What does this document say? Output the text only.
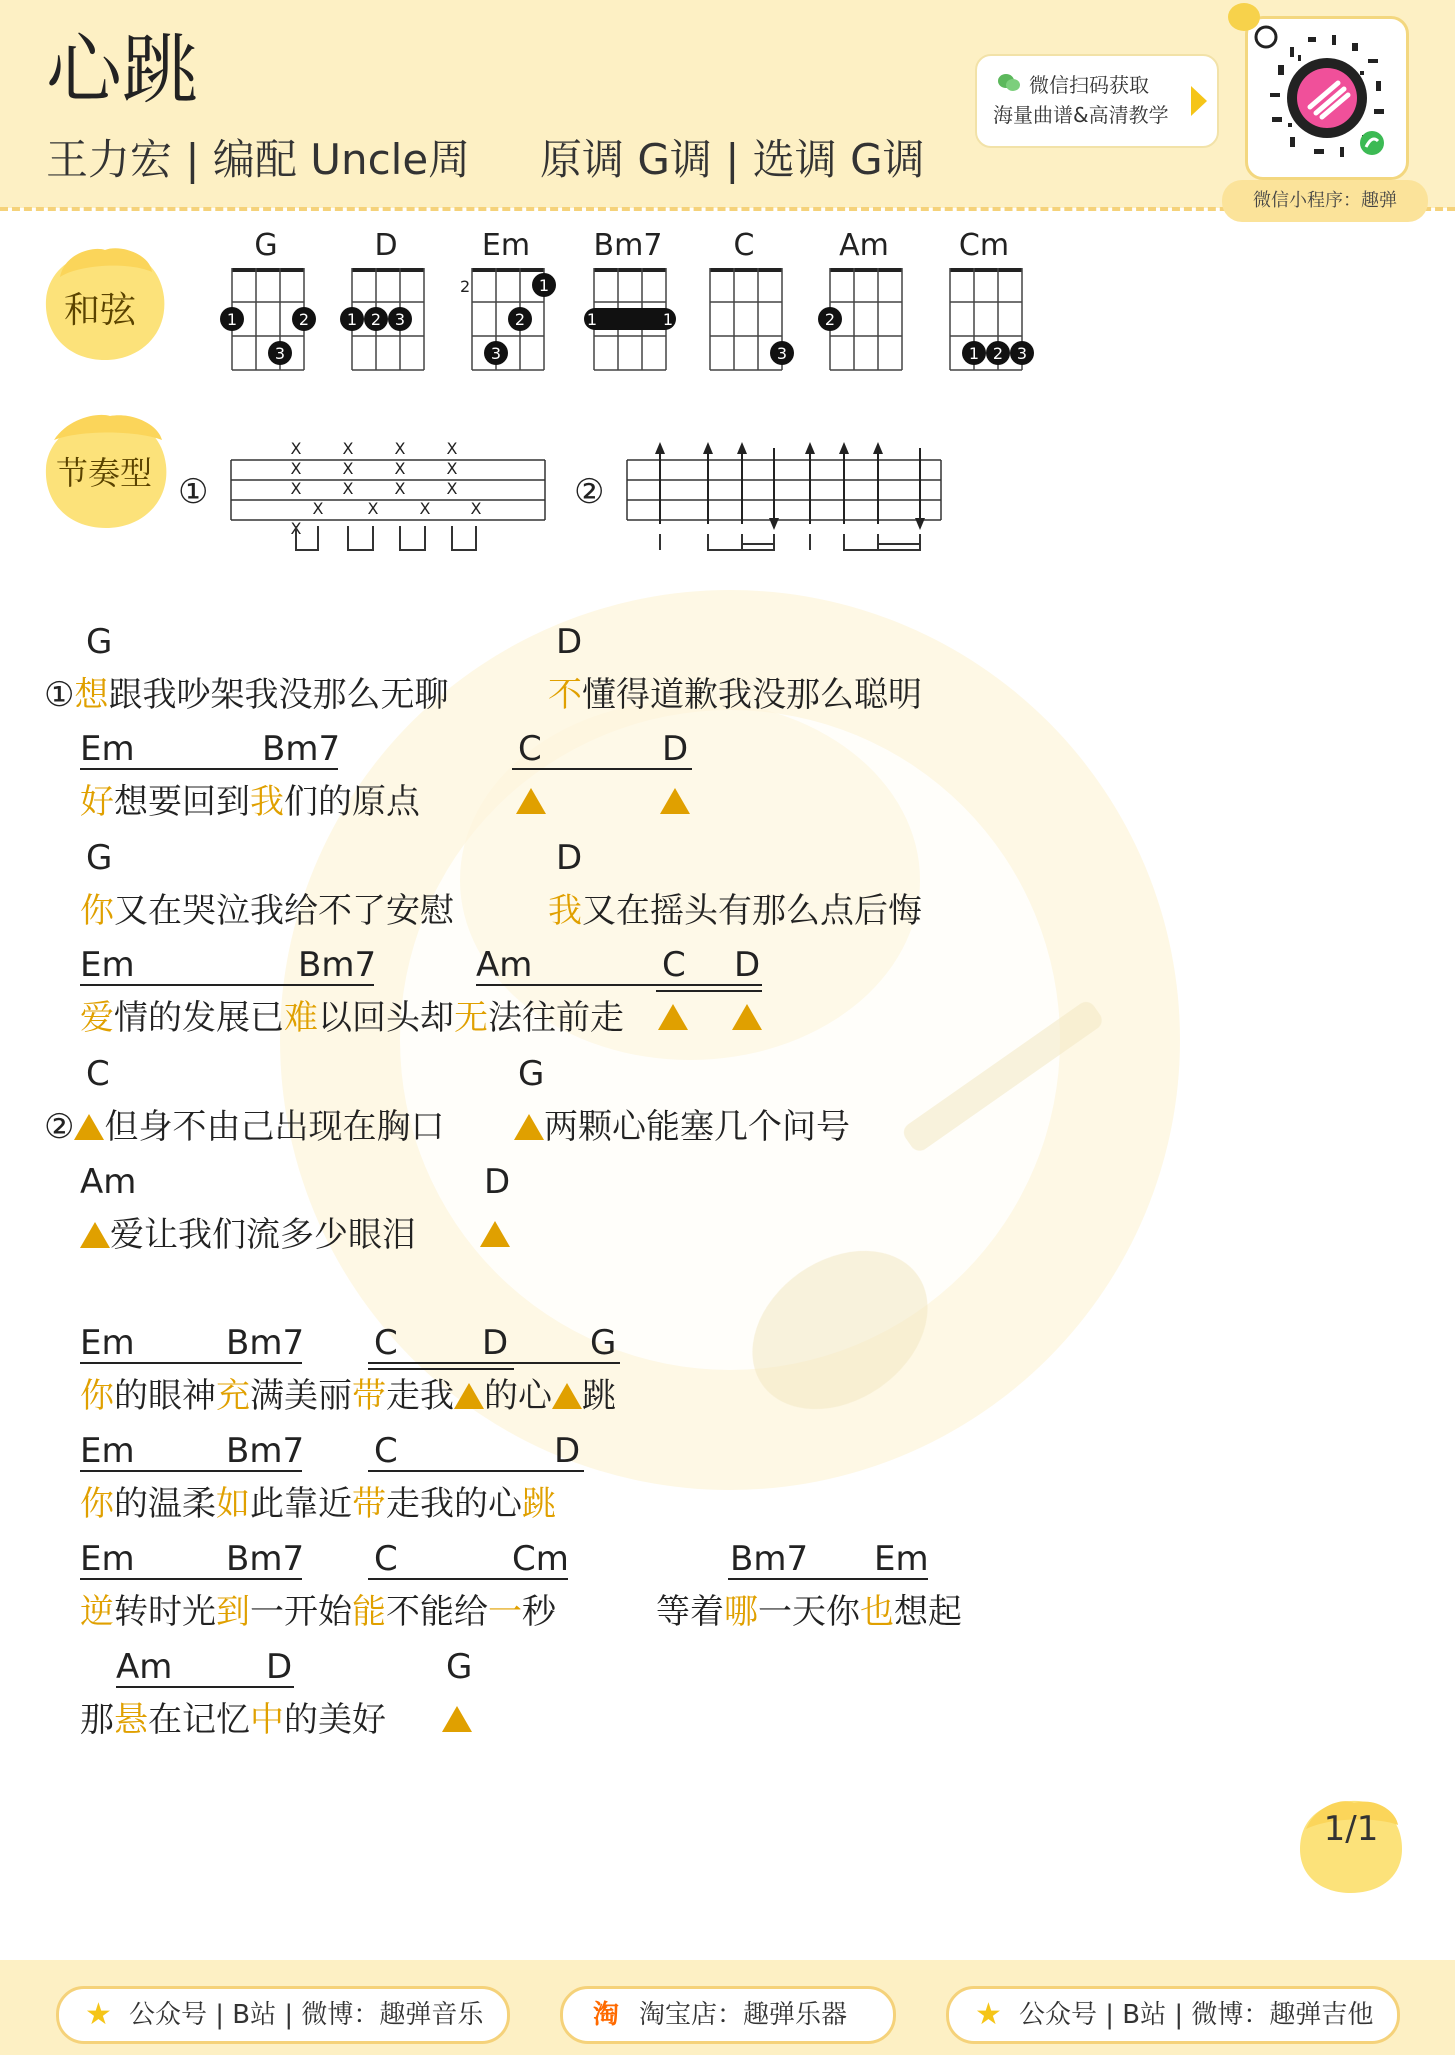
心跳
王力宏 | 编配 Uncle周 原调 G调 | 选调 G调
微信扫码获取
海量曲谱&高清教学
微信小程序：趣弹
和弦
节奏型
G
1	2
3
D
1 2 3
Em
1
2
3
2
Bm7
1	1
C
3
Am
2
Cm
1 2 3
①
X
X
X
X
X
X
X
X
X
X
X
X
X
X
X
X
X	②
G	D
①想跟我吵架我没那么无聊	不懂得道歉我没那么聪明
Em	Bm7	C	D
好想要回到我们的原点
G	D
你又在哭泣我给不了安慰	我又在摇头有那么点后悔
Em	Bm7	Am	C D
爱情的发展已难以回头却无法往前走
C	G
② 但身不由己出现在胸口	两颗心能塞几个问号
Am	D
爱让我们流多少眼泪
Em	Bm7 C D G
你的眼神充满美丽带走我 的心 跳
Em	Bm7 C	D
你的温柔如此靠近带走我的心跳
Em	Bm7 C	Cm	Bm7 Em
逆转时光到一开始能不能给一秒	等着哪一天你也想起
Am	D	G
那悬在记忆中的美好
1/1
★ 公众号 | B站 | 微博：趣弹音乐	淘 淘宝店：趣弹乐器	★ 公众号 | B站 | 微博：趣弹吉他
